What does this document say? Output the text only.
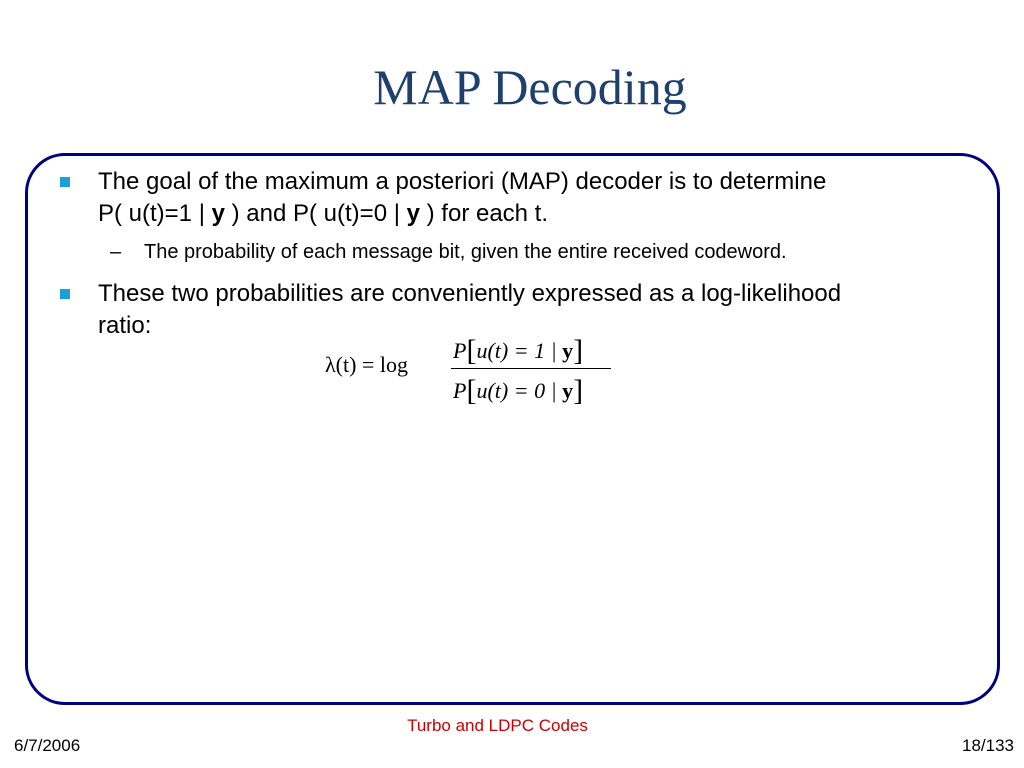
MAP Decoding
The goal of the maximum a posteriori (MAP) decoder is to determine
P( u(t)=1 | y ) and P( u(t)=0 | y ) for each t.
– The probability of each message bit, given the entire received codeword.
These two probabilities are conveniently expressed as a log-likelihood
ratio:
λ(t) = log
P[u(t) = 1 | y]
P[u(t) = 0 | y]
Turbo and LDPC Codes
6/7/2006	18/133
